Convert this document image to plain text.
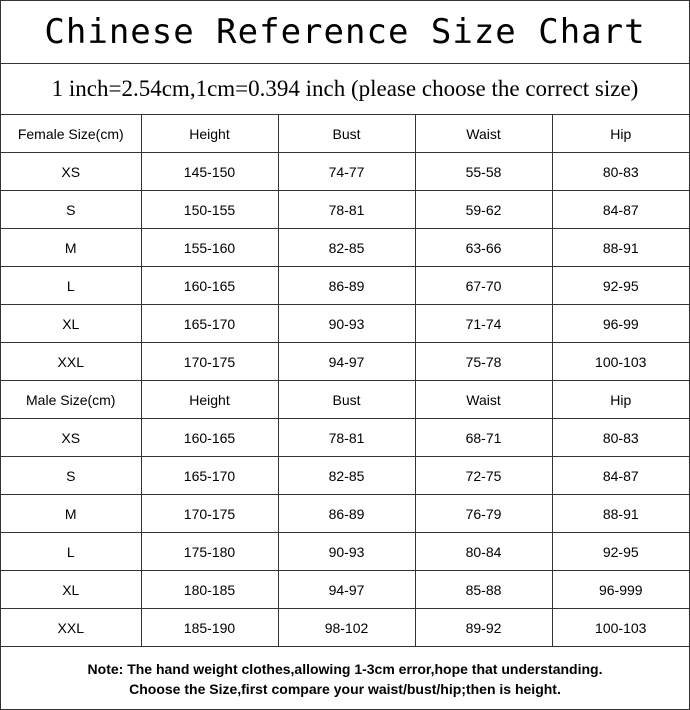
Chinese Reference Size Chart
1 inch=2.54cm,1cm=0.394 inch (please choose the correct size)
Female Size(cm)	Height	Bust	Waist	Hip
XS	145-150	74-77	55-58	80-83
S	150-155	78-81	59-62	84-87
M	155-160	82-85	63-66	88-91
L	160-165	86-89	67-70	92-95
XL	165-170	90-93	71-74	96-99
XXL	170-175	94-97	75-78	100-103
Male Size(cm)	Height	Bust	Waist	Hip
XS	160-165	78-81	68-71	80-83
S	165-170	82-85	72-75	84-87
M	170-175	86-89	76-79	88-91
L	175-180	90-93	80-84	92-95
XL	180-185	94-97	85-88	96-999
XXL	185-190	98-102	89-92	100-103
Note: The hand weight clothes,allowing 1-3cm error,hope that understanding.
Choose the Size,first compare your waist/bust/hip;then is height.
